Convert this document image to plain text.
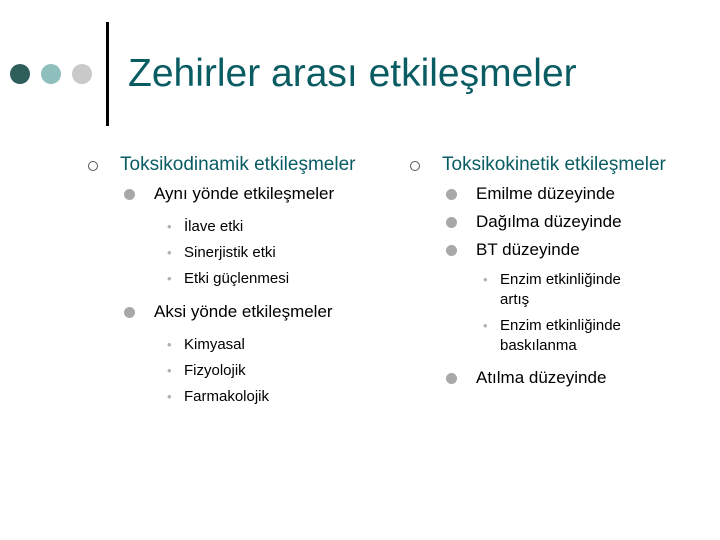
Zehirler arası etkileşmeler
Toksikodinamik etkileşmeler
Aynı yönde etkileşmeler
• İlave etki
• Sinerjistik etki
• Etki güçlenmesi
Aksi yönde etkileşmeler
• Kimyasal
• Fizyolojik
• Farmakolojik
Toksikokinetik etkileşmeler
Emilme düzeyinde
Dağılma düzeyinde
BT düzeyinde
• Enzim etkinliğinde artış
• Enzim etkinliğinde baskılanma
Atılma düzeyinde
